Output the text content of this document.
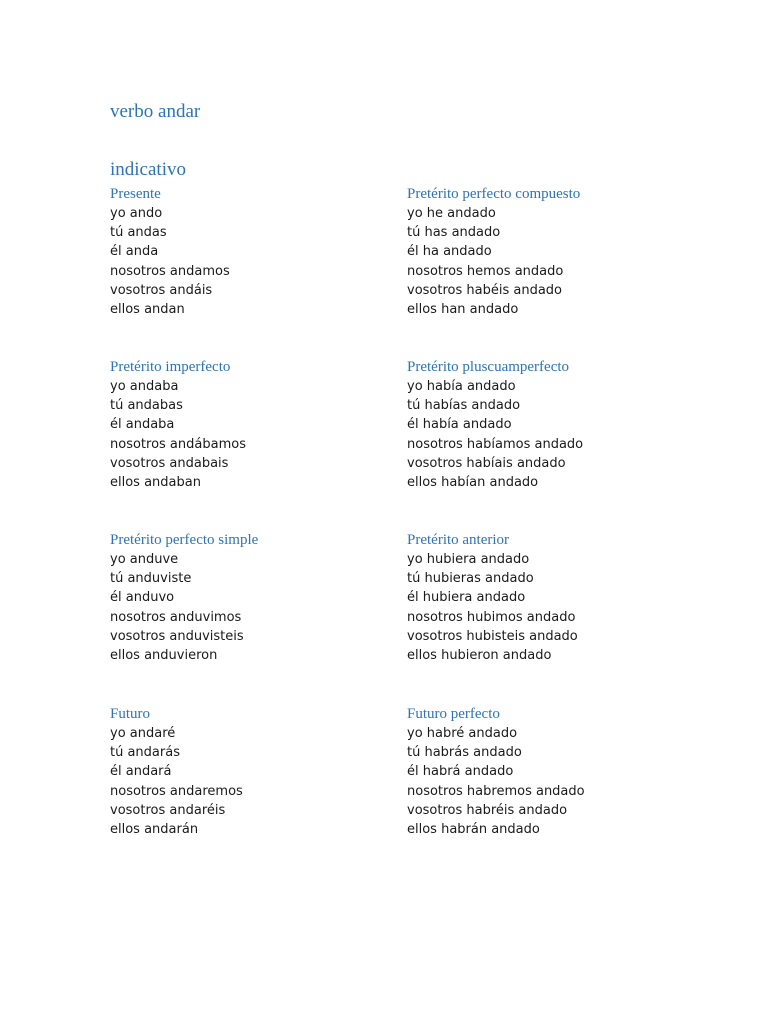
verbo andar
indicativo
Presente
yo ando
tú andas
él anda
nosotros andamos
vosotros andáis
ellos andan
Pretérito perfecto compuesto
yo he andado
tú has andado
él ha andado
nosotros hemos andado
vosotros habéis andado
ellos han andado
Pretérito imperfecto
yo andaba
tú andabas
él andaba
nosotros andábamos
vosotros andabais
ellos andaban
Pretérito pluscuamperfecto
yo había andado
tú habías andado
él había andado
nosotros habíamos andado
vosotros habíais andado
ellos habían andado
Pretérito perfecto simple
yo anduve
tú anduviste
él anduvo
nosotros anduvimos
vosotros anduvisteis
ellos anduvieron
Pretérito anterior
yo hubiera andado
tú hubieras andado
él hubiera andado
nosotros hubimos andado
vosotros hubisteis andado
ellos hubieron andado
Futuro
yo andaré
tú andarás
él andará
nosotros andaremos
vosotros andaréis
ellos andarán
Futuro perfecto
yo habré andado
tú habrás andado
él habrá andado
nosotros habremos andado
vosotros habréis andado
ellos habrán andado
